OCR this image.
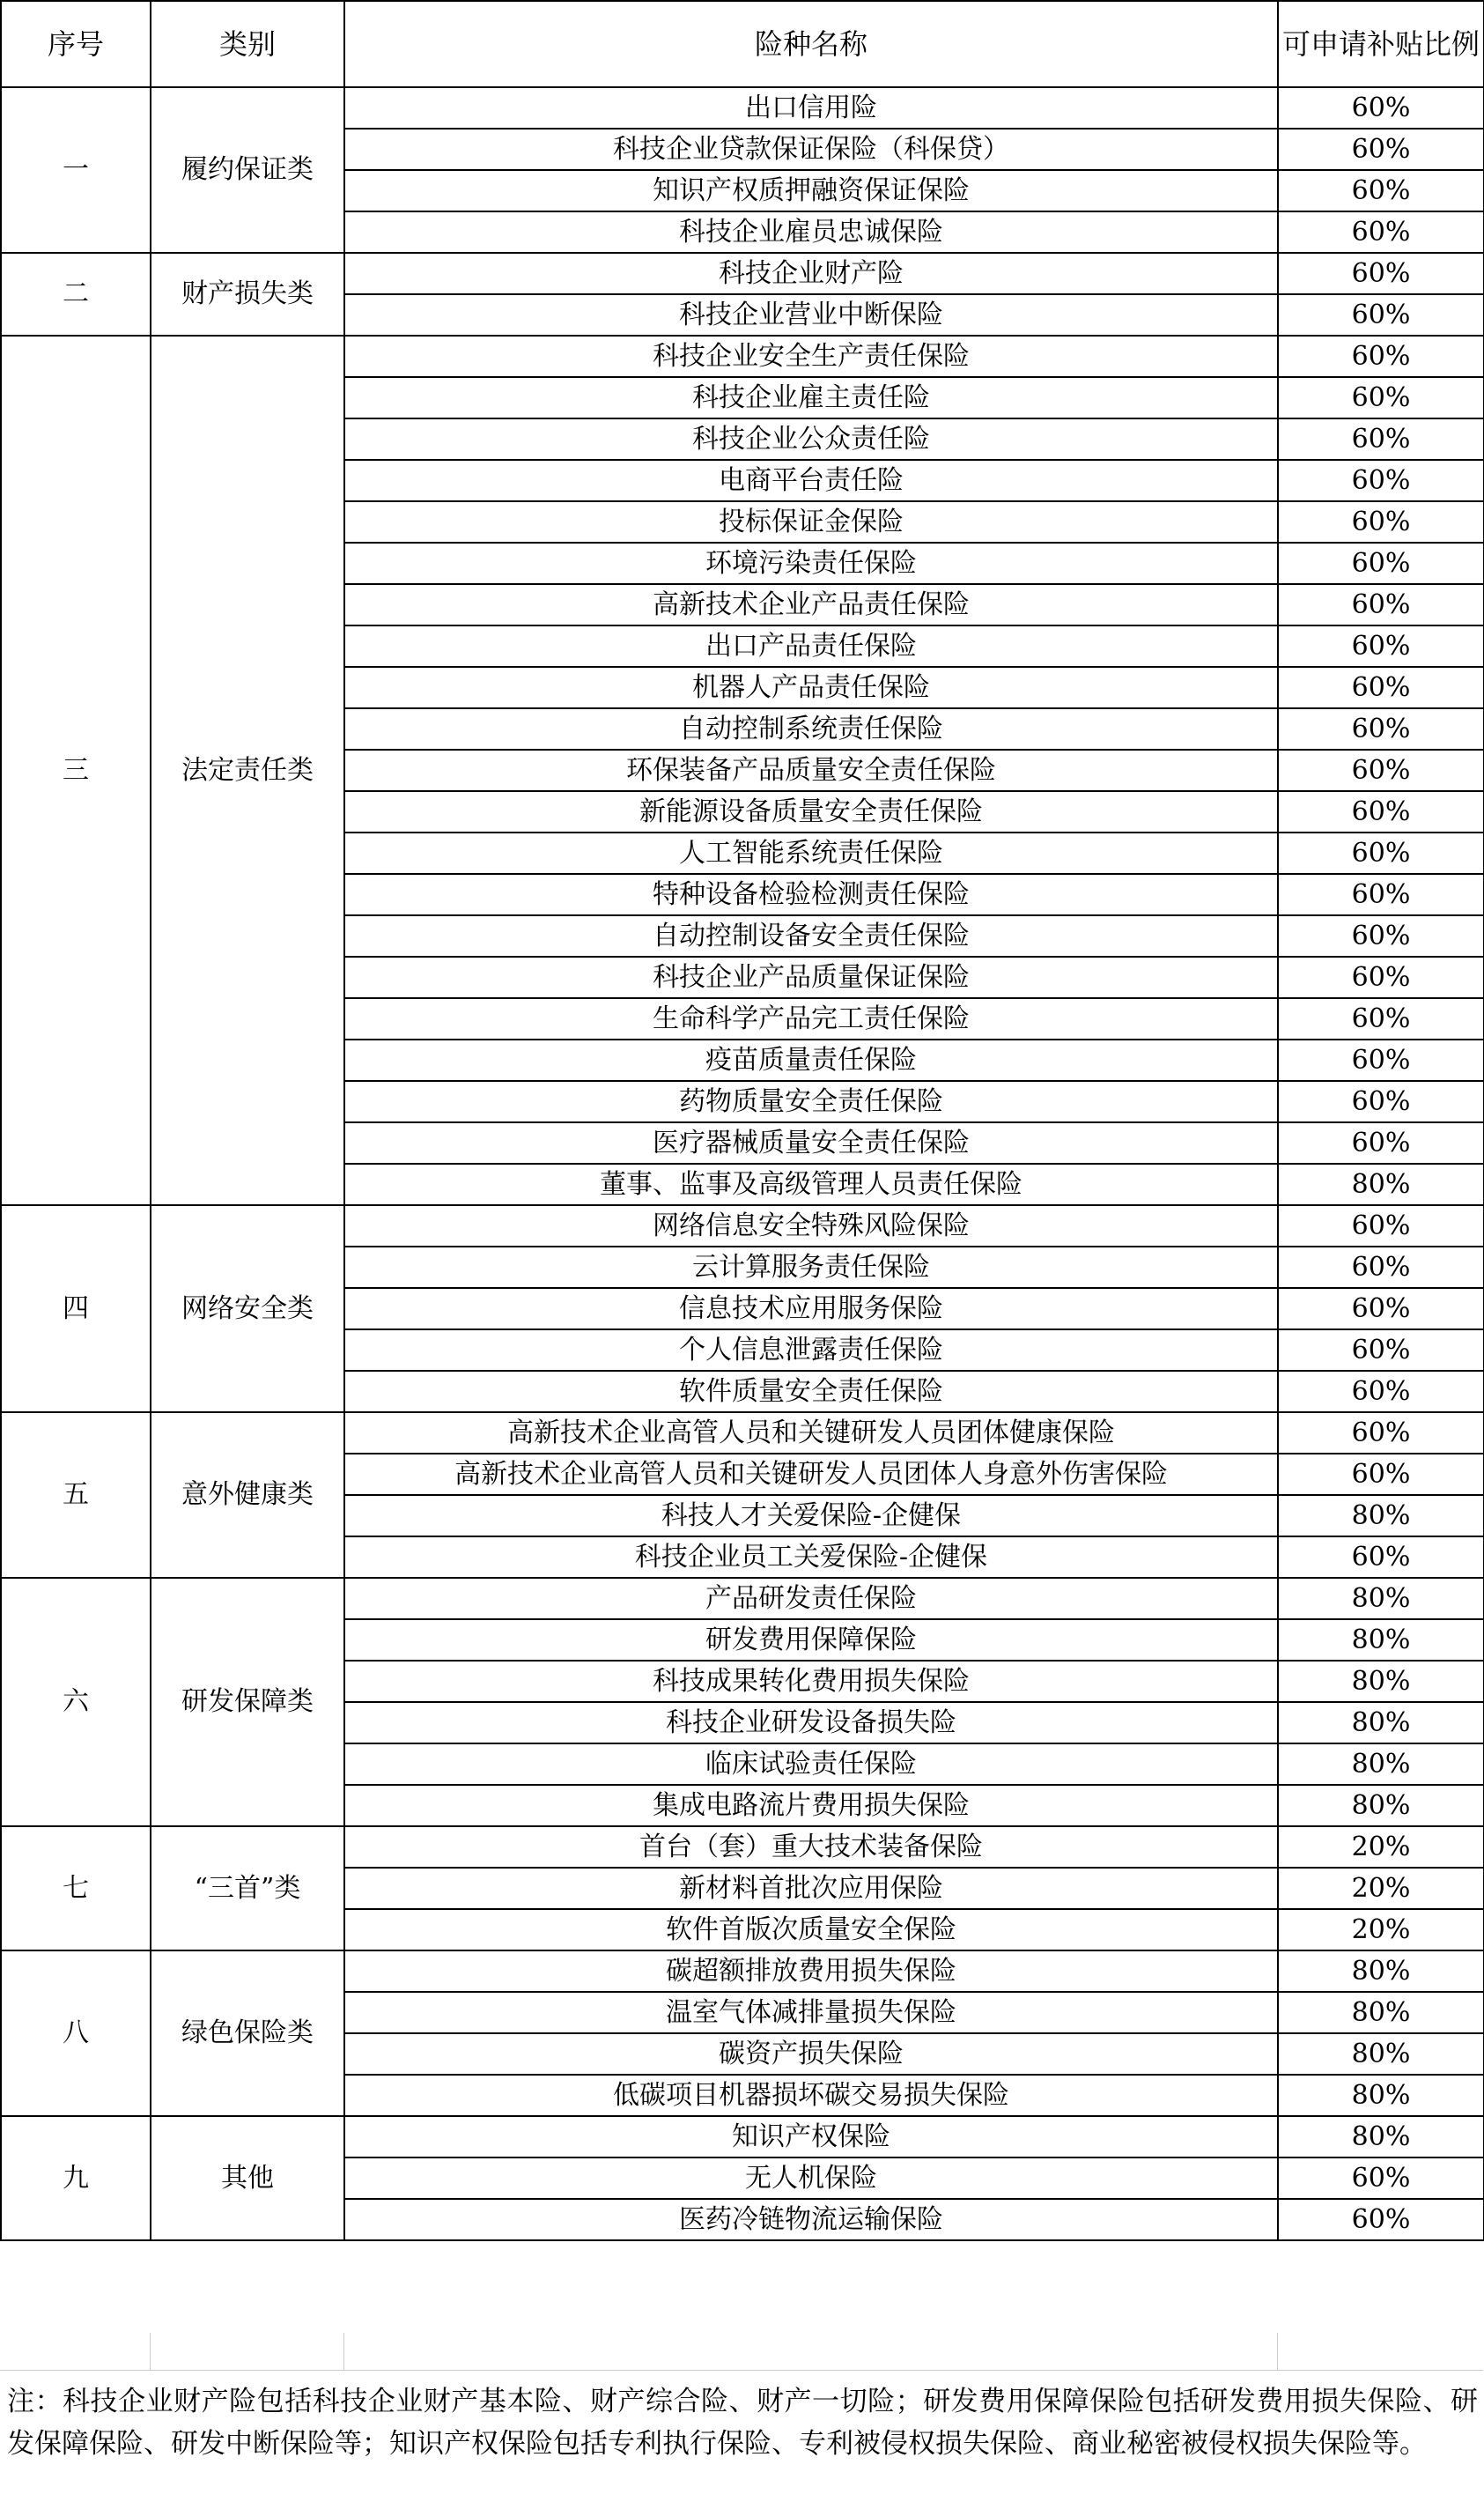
序号	类别	险种名称	可申请补贴比例
一	履约保证类	出口信用险	60%
		科技企业贷款保证保险（科保贷）	60%
		知识产权质押融资保证保险	60%
		科技企业雇员忠诚保险	60%
二	财产损失类	科技企业财产险	60%
		科技企业营业中断保险	60%
三	法定责任类	科技企业安全生产责任保险	60%
		科技企业雇主责任险	60%
		科技企业公众责任险	60%
		电商平台责任险	60%
		投标保证金保险	60%
		环境污染责任保险	60%
		高新技术企业产品责任保险	60%
		出口产品责任保险	60%
		机器人产品责任保险	60%
		自动控制系统责任保险	60%
		环保装备产品质量安全责任保险	60%
		新能源设备质量安全责任保险	60%
		人工智能系统责任保险	60%
		特种设备检验检测责任保险	60%
		自动控制设备安全责任保险	60%
		科技企业产品质量保证保险	60%
		生命科学产品完工责任保险	60%
		疫苗质量责任保险	60%
		药物质量安全责任保险	60%
		医疗器械质量安全责任保险	60%
		董事、监事及高级管理人员责任保险	80%
四	网络安全类	网络信息安全特殊风险保险	60%
		云计算服务责任保险	60%
		信息技术应用服务保险	60%
		个人信息泄露责任保险	60%
		软件质量安全责任保险	60%
五	意外健康类	高新技术企业高管人员和关键研发人员团体健康保险	60%
		高新技术企业高管人员和关键研发人员团体人身意外伤害保险	60%
		科技人才关爱保险-企健保	80%
		科技企业员工关爱保险-企健保	60%
六	研发保障类	产品研发责任保险	80%
		研发费用保障保险	80%
		科技成果转化费用损失保险	80%
		科技企业研发设备损失险	80%
		临床试验责任保险	80%
		集成电路流片费用损失保险	80%
七	“三首”类	首台（套）重大技术装备保险	20%
		新材料首批次应用保险	20%
		软件首版次质量安全保险	20%
八	绿色保险类	碳超额排放费用损失保险	80%
		温室气体减排量损失保险	80%
		碳资产损失保险	80%
		低碳项目机器损坏碳交易损失保险	80%
九	其他	知识产权保险	80%
		无人机保险	60%
		医药冷链物流运输保险	60%
注：科技企业财产险包括科技企业财产基本险、财产综合险、财产一切险；研发费用保障保险包括研发费用损失保险、研发保障保险、研发中断保险等；知识产权保险包括专利执行保险、专利被侵权损失保险、商业秘密被侵权损失保险等。
